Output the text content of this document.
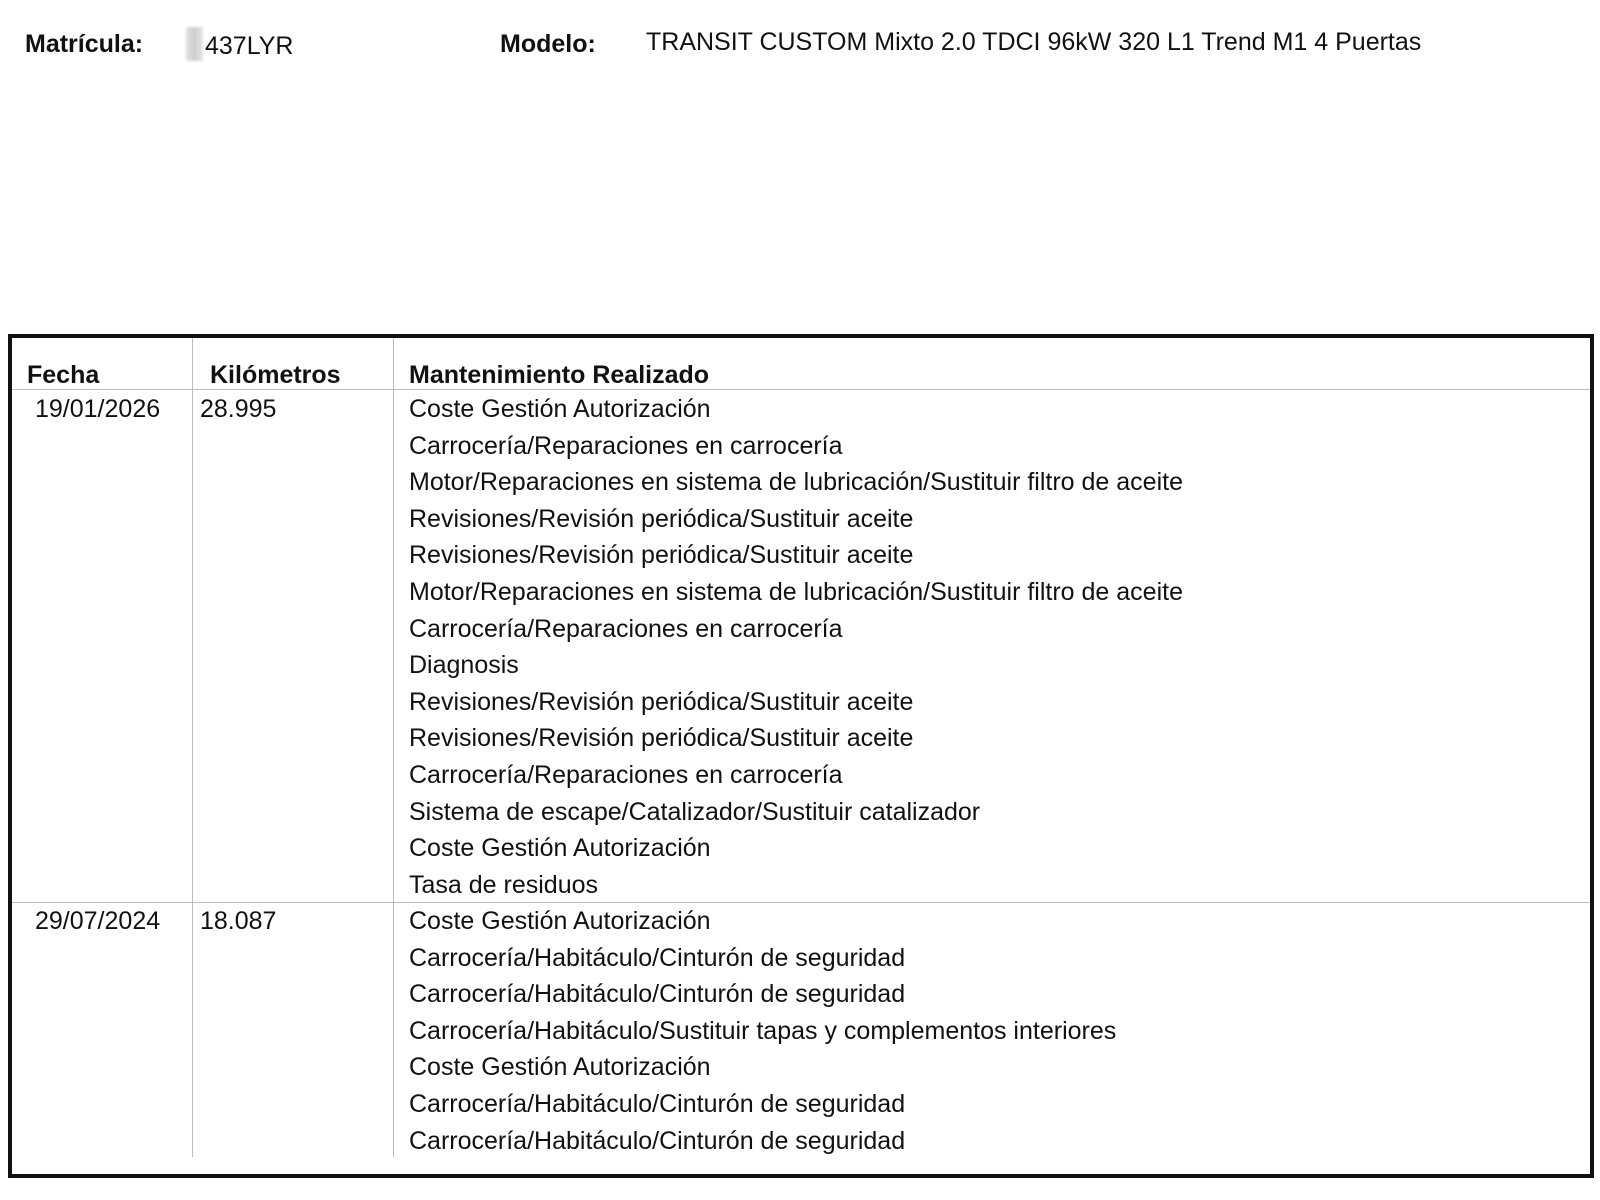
Matrícula:	437LYR	Modelo: TRANSIT CUSTOM Mixto 2.0 TDCI 96kW 320 L1 Trend M1 4 Puertas
Fecha	Kilómetros	Mantenimiento Realizado
19/01/2026 28.995	Coste Gestión Autorización
Carrocería/Reparaciones en carrocería
Motor/Reparaciones en sistema de lubricación/Sustituir filtro de aceite
Revisiones/Revisión periódica/Sustituir aceite
Revisiones/Revisión periódica/Sustituir aceite
Motor/Reparaciones en sistema de lubricación/Sustituir filtro de aceite
Carrocería/Reparaciones en carrocería
Diagnosis
Revisiones/Revisión periódica/Sustituir aceite
Revisiones/Revisión periódica/Sustituir aceite
Carrocería/Reparaciones en carrocería
Sistema de escape/Catalizador/Sustituir catalizador
Coste Gestión Autorización
Tasa de residuos
29/07/2024 18.087	Coste Gestión Autorización
Carrocería/Habitáculo/Cinturón de seguridad
Carrocería/Habitáculo/Cinturón de seguridad
Carrocería/Habitáculo/Sustituir tapas y complementos interiores
Coste Gestión Autorización
Carrocería/Habitáculo/Cinturón de seguridad
Carrocería/Habitáculo/Cinturón de seguridad
